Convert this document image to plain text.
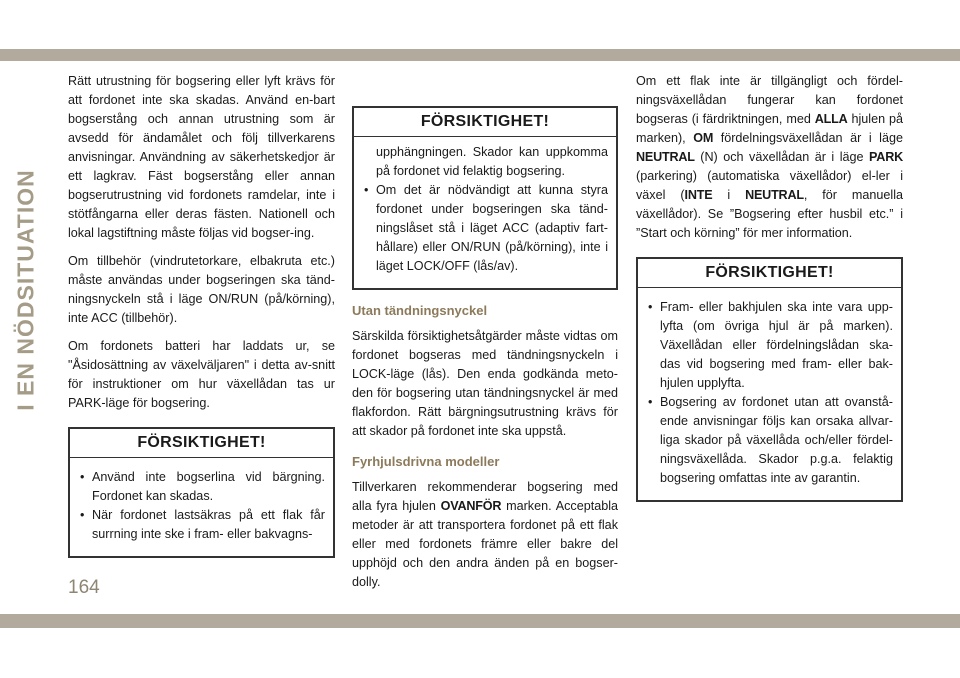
I EN NÖDSITUATION

Rätt utrustning för bogsering eller lyft krävs för att fordonet inte ska skadas. Använd en-bart bogserstång och annan utrustning som är avsedd för ändamålet och följ tillverkarens anvisningar. Användning av säkerhetskedjor är ett lagkrav. Fäst bogserstång eller annan bogserutrustning vid fordonets ramdelar, inte i stötfångarna eller deras fästen. Nationell och lokal lagstiftning måste följas vid bogser-ing.

Om tillbehör (vindrutetorkare, elbakruta etc.) måste användas under bogseringen ska tänd-ningsnyckeln stå i läge ON/RUN (på/körning), inte ACC (tillbehör).

Om fordonets batteri har laddats ur, se "Åsidosättning av växelväljaren" i detta av-snitt för instruktioner om hur växellådan tas ur PARK-läge för bogsering.

FÖRSIKTIGHET!
• Använd inte bogserlina vid bärgning. Fordonet kan skadas.
• När fordonet lastsäkras på ett flak får surrning inte ske i fram- eller bakvagns-
FÖRSIKTIGHET!
upphängningen. Skador kan uppkomma på fordonet vid felaktig bogsering.
• Om det är nödvändigt att kunna styra fordonet under bogseringen ska tänd-ningslåset stå i läget ACC (adaptiv fart-hållare) eller ON/RUN (på/körning), inte i läget LOCK/OFF (lås/av).
Utan tändningsnyckel

Särskilda försiktighetsåtgärder måste vidtas om fordonet bogseras med tändningsnyckeln i LOCK-läge (lås). Den enda godkända meto-den för bogsering utan tändningsnyckel är med flakfordon. Rätt bärgningsutrustning krävs för att skador på fordonet inte ska uppstå.

Fyrhjulsdrivna modeller

Tillverkaren rekommenderar bogsering med alla fyra hjulen OVANFÖR marken. Acceptabla metoder är att transportera fordonet på ett flak eller med fordonets främre eller bakre del upphöjd och den andra änden på en bogser-dolly.

Om ett flak inte är tillgängligt och fördel-ningsväxellådan fungerar kan fordonet bogseras (i färdriktningen, med ALLA hjulen på marken), OM fördelningsväxellådan är i läge NEUTRAL (N) och växellådan är i läge PARK (parkering) (automatiska växellådor) el-ler i växel (INTE i NEUTRAL, för manuella växellådor). Se ”Bogsering efter husbil etc.” i ”Start och körning” för mer information.

FÖRSIKTIGHET!
• Fram- eller bakhjulen ska inte vara upp-lyfta (om övriga hjul är på marken). Växellådan eller fördelningslådan ska-das vid bogsering med fram- eller bak-hjulen upplyfta.
• Bogsering av fordonet utan att ovanstå-ende anvisningar följs kan orsaka allvar-liga skador på växellåda och/eller fördel-ningsväxellåda. Skador p.g.a. felaktig bogsering omfattas inte av garantin.
164
